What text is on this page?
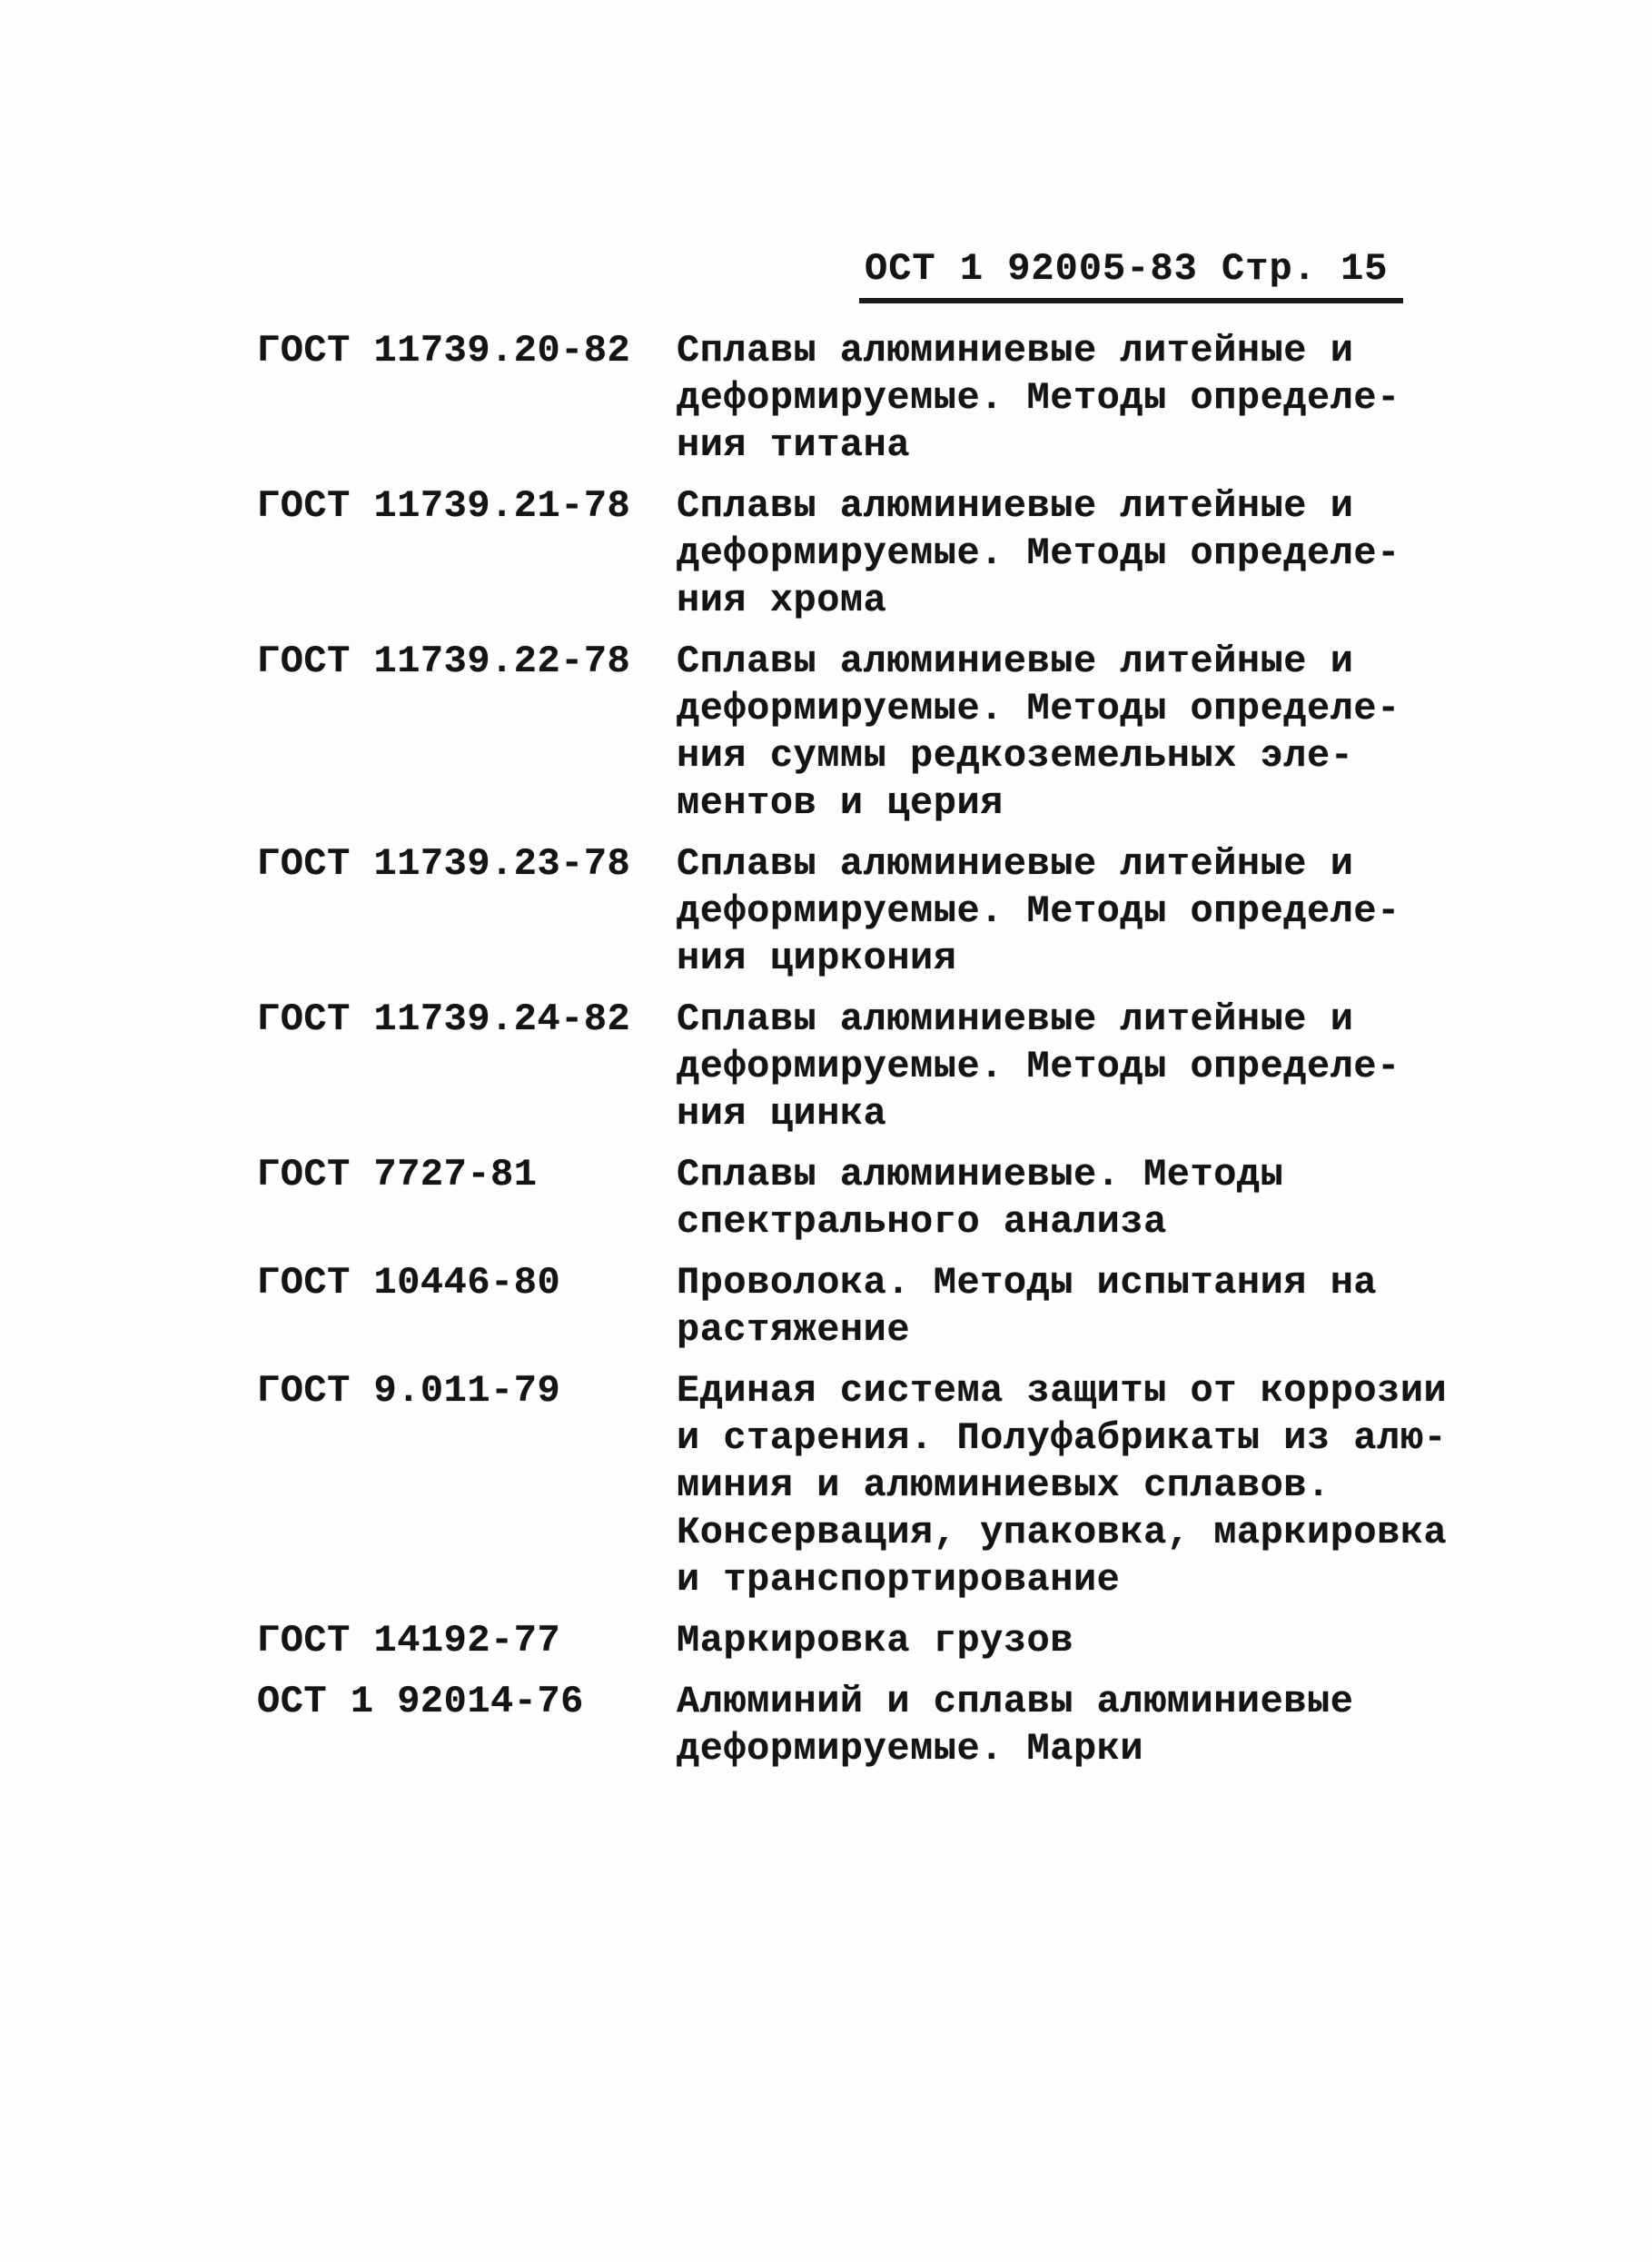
ОСТ 1 92005-83 Стр. 15
ГОСТ 11739.20-82	Сплавы алюминиевые литейные и
деформируемые. Методы определе-
ния титана
ГОСТ 11739.21-78	Сплавы алюминиевые литейные и
деформируемые. Методы определе-
ния хрома
ГОСТ 11739.22-78	Сплавы алюминиевые литейные и
деформируемые. Методы определе-
ния суммы редкоземельных эле-
ментов и церия
ГОСТ 11739.23-78	Сплавы алюминиевые литейные и
деформируемые. Методы определе-
ния циркония
ГОСТ 11739.24-82	Сплавы алюминиевые литейные и
деформируемые. Методы определе-
ния цинка
ГОСТ 7727-81	Сплавы алюминиевые. Методы
спектрального анализа
ГОСТ 10446-80	Проволока. Методы испытания на
растяжение
ГОСТ 9.011-79	Единая система защиты от коррозии
и старения. Полуфабрикаты из алю-
миния и алюминиевых сплавов.
Консервация, упаковка, маркировка
и транспортирование
ГОСТ 14192-77	Маркировка грузов
ОСТ 1 92014-76	Алюминий и сплавы алюминиевые
деформируемые. Марки
